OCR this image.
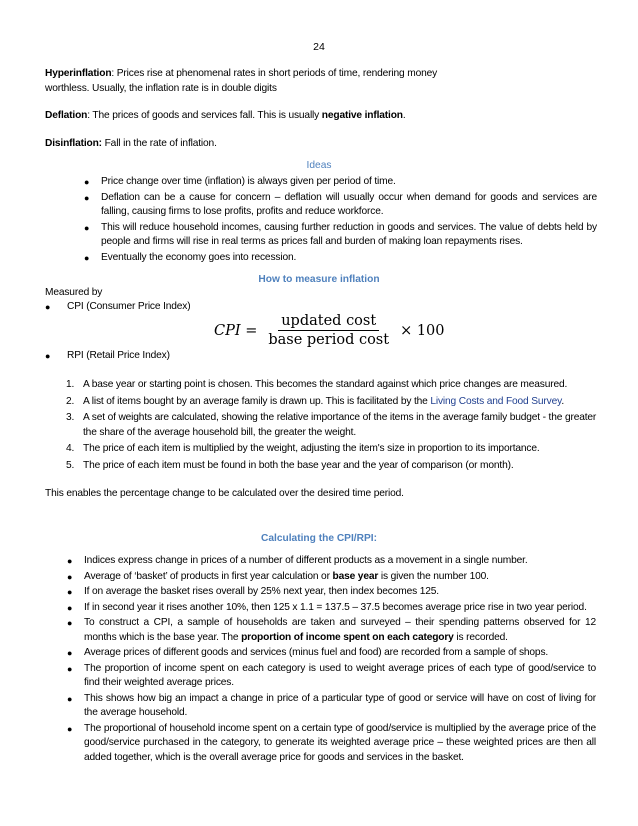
24
Hyperinflation: Prices rise at phenomenal rates in short periods of time, rendering money worthless. Usually, the inflation rate is in double digits
Deflation: The prices of goods and services fall. This is usually negative inflation.
Disinflation: Fall in the rate of inflation.
Ideas
● Price change over time (inflation) is always given per period of time.
● Deflation can be a cause for concern – deflation will usually occur when demand for goods and services are falling, causing firms to lose profits, profits and reduce workforce.
● This will reduce household incomes, causing further reduction in goods and services. The value of debts held by people and firms will rise in real terms as prices fall and burden of making loan repayments rises.
● Eventually the economy goes into recession.
How to measure inflation
Measured by
● CPI (Consumer Price Index)
CPI = $\frac{\text{updated cost}}{\text{base period cost}} \times 100$
● RPI (Retail Price Index)
1. A base year or starting point is chosen. This becomes the standard against which price changes are measured.
2. A list of items bought by an average family is drawn up. This is facilitated by the Living Costs and Food Survey.
3. A set of weights are calculated, showing the relative importance of the items in the average family budget - the greater the share of the average household bill, the greater the weight.
4. The price of each item is multiplied by the weight, adjusting the item's size in proportion to its importance.
5. The price of each item must be found in both the base year and the year of comparison (or month).
This enables the percentage change to be calculated over the desired time period.
Calculating the CPI/RPI:
● Indices express change in prices of a number of different products as a movement in a single number.
● Average of ‘basket’ of products in first year calculation or base year is given the number 100.
● If on average the basket rises overall by 25% next year, then index becomes 125.
● If in second year it rises another 10%, then 125 x 1.1 = 137.5 – 37.5 becomes average price rise in two year period.
● To construct a CPI, a sample of households are taken and surveyed – their spending patterns observed for 12 months which is the base year. The proportion of income spent on each category is recorded.
● Average prices of different goods and services (minus fuel and food) are recorded from a sample of shops.
● The proportion of income spent on each category is used to weight average prices of each type of good/service to find their weighted average prices.
● This shows how big an impact a change in price of a particular type of good or service will have on cost of living for the average household.
● The proportional of household income spent on a certain type of good/service is multiplied by the average price of the good/service purchased in the category, to generate its weighted average price – these weighted prices are then all added together, which is the overall average price for goods and services in the basket.
